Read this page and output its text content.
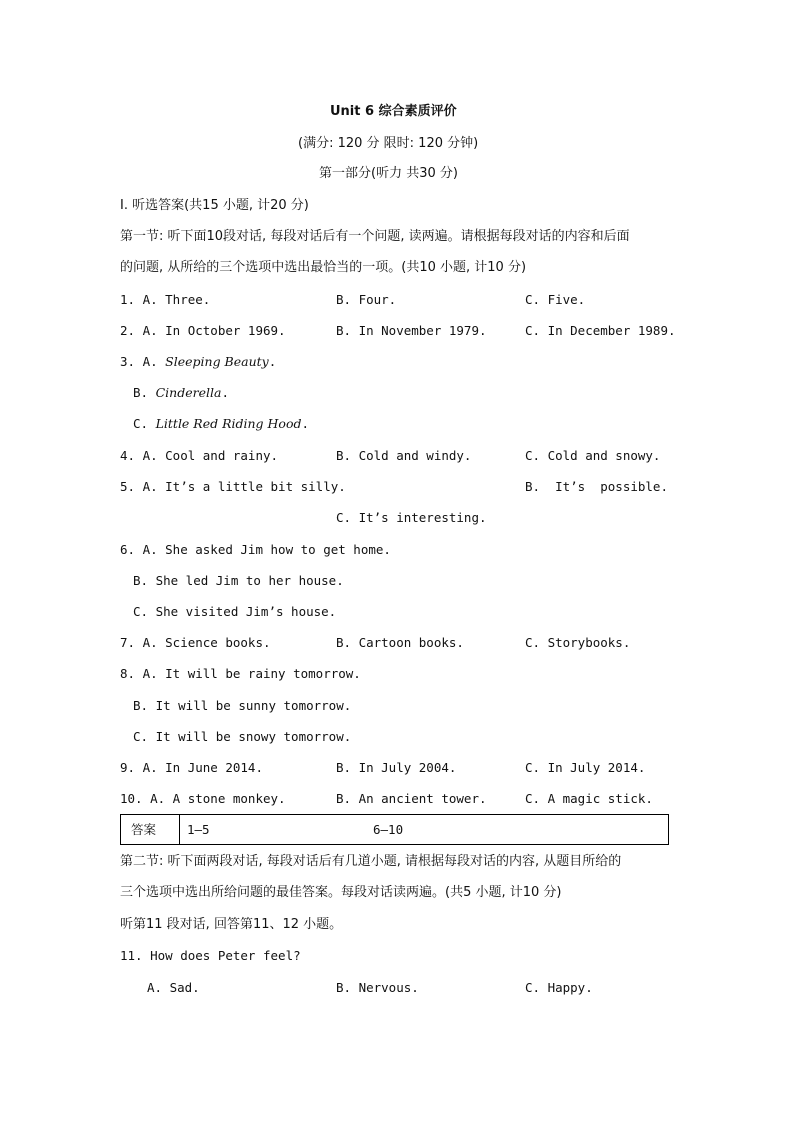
Unit 6 综合素质评价
(满分: 120 分 限时: 120 分钟)
第一部分(听力 共30 分)
I. 听选答案(共15 小题, 计20 分)
第一节: 听下面10段对话, 每段对话后有一个问题, 读两遍。请根据每段对话的内容和后面
的问题, 从所给的三个选项中选出最恰当的一项。(共10 小题, 计10 分)
1. A. Three.	B. Four.	C. Five.
2. A. In October 1969.	B. In November 1979.	C. In December 1989.
3. A. Sleeping Beauty.
B. Cinderella.
C. Little Red Riding Hood.
4. A. Cool and rainy.	B. Cold and windy.	C. Cold and snowy.
5. A. It’s a little bit silly.	B.  It’s  possible.
C. It’s interesting.
6. A. She asked Jim how to get home.
B. She led Jim to her house.
C. She visited Jim’s house.
7. A. Science books.	B. Cartoon books.	C. Storybooks.
8. A. It will be rainy tomorrow.
B. It will be sunny tomorrow.
C. It will be snowy tomorrow.
9. A. In June 2014.	B. In July 2004.	C. In July 2014.
10. A. A stone monkey.	B. An ancient tower.	C. A magic stick.
答案 1—5	6—10
第二节: 听下面两段对话, 每段对话后有几道小题, 请根据每段对话的内容, 从题目所给的
三个选项中选出所给问题的最佳答案。每段对话读两遍。(共5 小题, 计10 分)
听第11 段对话, 回答第11、12 小题。
11. How does Peter feel?
A. Sad.	B. Nervous.	C. Happy.
